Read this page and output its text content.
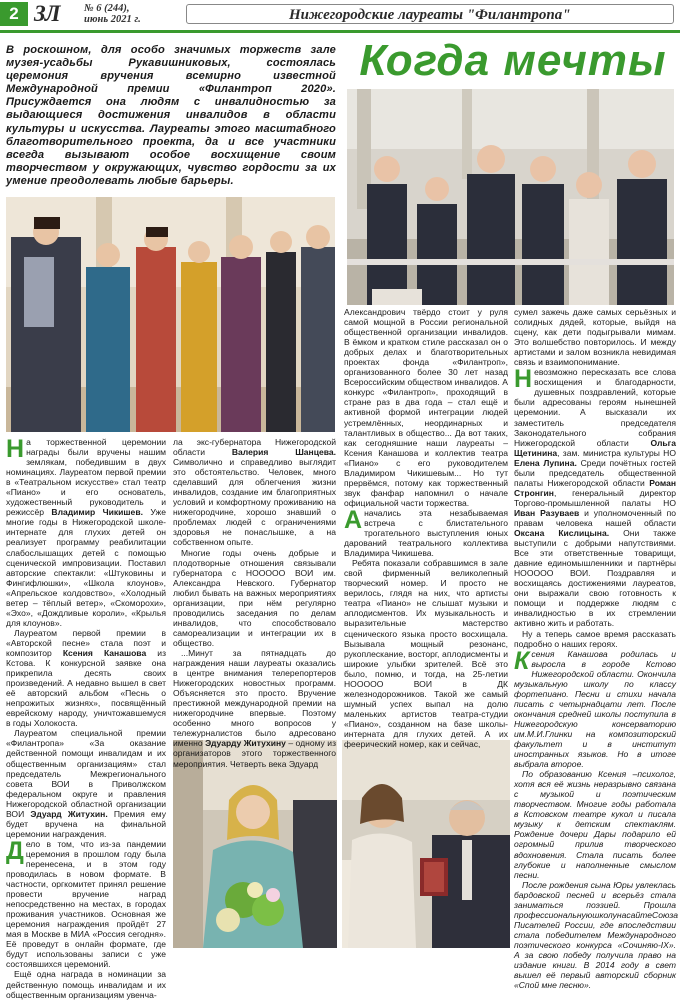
2 ЗЛ № 6 (244),
июнь 2021 г.	Нижегородские лауреаты "Филантропа"
В роскошном, для особо значимых торжеств зале музея-усадьбы Рукавишниковых, состоялась церемония вручения всемирно известной Международной премии «Филантроп 2020». Присуждается она людям с инвалидностью за выдающиеся достижения инвалидов в области культуры и искусства. Лауреаты этого масштабного благотворительного проекта, да и все участники всегда вызывают особое восхищение своим творчеством у окружающих, чувство гордости за их умение преодолевать любые барьеры.
Когда мечты

На торжественной церемонии награды были вручены нашим землякам, победившим в двух номинациях. Лауреатом первой премии в «Театральном искусстве» стал театр «Пиано» и его основатель, художественный руководитель и режиссёр Владимир Чикишев. Уже многие годы в Нижегородской школе-интернате для глухих детей он реализует программу реабилитации слабослышащих детей с помощью сценической импровизации. Поставил авторские спектакли: «Штуковины и Фингифлюшки», «Школа клоунов», «Апрельское колдовство», «Холодный ветер – тёплый ветер», «Скоморохи», «Эхо», «Дождливые короли», «Крылья для клоунов».

Лауреатом первой премии в «Авторской песне» стала поэт и композитор Ксения Канашова из Кстова. К конкурсной заявке она прикрепила десять своих произведений. А недавно вышел в свет её авторский альбом «Песнь о непрожитых жизнях», посвящённый еврейскому народу, уничтожавшемуся в годы Холокоста.

Лауреатом специальной премии «Филантропа» «За оказание действенной помощи инвалидам и их общественным организациям» стал председатель Межрегионального совета ВОИ в Приволжском федеральном округе и правления Нижегородской областной организации ВОИ Эдуард Житухин. Премия ему будет вручена на финальной церемонии награждения.

Дело в том, что из-за пандемии церемония в прошлом году была перенесена, и в этом году проводилась в новом формате. В частности, оргкомитет принял решение провести вручение наград непосредственно на местах, в городах проживания участников. Основная же церемония награждения пройдёт 27 мая в Москве в МИА «Россия сегодня». Её проведут в онлайн формате, где будут использованы записи с уже состоявшихся церемоний.

Ещё одна награда в номинации за действенную помощь инвалидам и их общественным организациям увенча-

ла экс-губернатора Нижегородской области Валерия Шанцева. Символично и справедливо выглядит это обстоятельство. Человек, много сделавший для облегчения жизни инвалидов, создание им благоприятных условий и комфортному проживанию на нижегородчине, хорошо знавший о проблемах людей с ограничениями здоровья не понаслышке, а на собственном опыте.

Многие годы очень добрые и плодотворные отношения связывали губернатора с НООООО ВОИ им. Александра Невского. Губернатор любил бывать на важных мероприятиях организации, при нём регулярно проводились заседания по делам инвалидов, что способствовало самореализации и интеграции их в общество.

...Минут за пятнадцать до награждения наши лауреаты оказались в центре внимания телерепортеров Нижегородских новостных программ. Объясняется это просто. Вручение престижной международной премии на нижегородчине впервые. Поэтому особенно много вопросов у тележурналистов было адресовано именно Эдуарду Житухину – одному из организаторов этого торжественного мероприятия. Четверть века Эдуард

Александрович твёрдо стоит у руля самой мощной в России региональной общественной организации инвалидов. В ёмком и кратком стиле рассказал он о добрых делах и благотворительных проектах фонда «Филантроп», организованного более 30 лет назад Всероссийским обществом инвалидов. А конкурс «Филантроп», проходящий в стране раз в два года – стал ещё и активной формой интеграции людей устремлённых, неординарных и талантливых в общество... Да вот таких, как сегодняшние наши лауреаты – Ксения Канашова и коллектив театра «Пиано» с его руководителем Владимиром Чикишевым... Но тут прервёмся, потому как торжественный звук фанфар напомнил о начале официальной части торжества.

Аначались эта незабываемая встреча с блистательного трогательного выступления юных дарований театрального коллектива Владимира Чикишева.

Ребята показали собравшимся в зале свой фирменный великолепный творческий номер. И просто не верилось, глядя на них, что артисты театра «Пиано» не слышат музыки и аплодисментов. Их музыкальность и выразительные мастерство сценического языка просто восхищала. Вызывала мощный резонанс, рукоплескание, восторг, аплодисменты и широкие улыбки зрителей. Всё это было, помню, и тогда, на 25-летии НООООО ВОИ в ДК железнодорожников. Такой же самый шумный успех выпал на долю маленьких артистов театра-студии «Пиано», созданном на базе школы-интерната для глухих детей. А их феерический номер, как и сейчас,

сумел зажечь даже самых серьёзных и солидных дядей, которые, выйдя на сцену, как дети подыгрывали мимам. Это волшебство повторилось. И между артистами и залом возникла невидимая связь и взаимопонимание.

Невозможно пересказать все слова восхищения и благодарности, душевных поздравлений, которые были адресованы героям нынешней церемонии. А высказали их заместитель председателя Законодательного собрания Нижегородской области Ольга Щетинина, зам. министра культуры НО Елена Лупина. Среди почётных гостей были председатель общественной палаты Нижегородской области Роман Стронгин, генеральный директор Торгово-промышленной палаты НО Иван Разуваев и уполномоченный по правам человека нашей области Оксана Кислицына. Они также выступили с добрыми напутствиями. Все эти ответственные товарищи, давние единомышленники и партнёры НООООО ВОИ. Поздравляя и восхищаясь достижениями лауреатов, они выражали свою готовность к помощи и поддержке людям с инвалидностью в их стремлении активно жить и работать.

Ну а теперь самое время рассказать подробно о наших героях.

Ксения Канашова родилась и выросла в городе Кстово Нижегородской области. Окончила музыкальную школу по классу фортепиано. Песни и стихи начала писать с четырнадцати лет. После окончания средней школы поступила в Нижегородскую консерваторию им.М.И.Глинки на композиторский факультет и в институт иностранных языков. Но в итоге выбрала второе.

По образованию Ксения –психолог, хотя вся её жизнь неразрывно связана с музыкой и поэтическим творчеством. Многие годы работала в Кстовском театре кукол и писала музыку к детским спектаклям. Рождение дочери Дары подарило ей огромный прилив творческого вдохновения. Стала писать более глубокие и наполненные смыслом песни.

После рождения сына Юры увлеклась бардовской песней и всерьёз стала заниматься поэзией. Прошла профессиональнуюшколунасайтеСоюза Писателей России, где впоследствии стала победителем Международного поэтического конкурса «Сочиняю-IX». А за свою победу получила право на издание книги. В 2014 году в свет вышел её первый авторский сборник «Спой мне песню».
